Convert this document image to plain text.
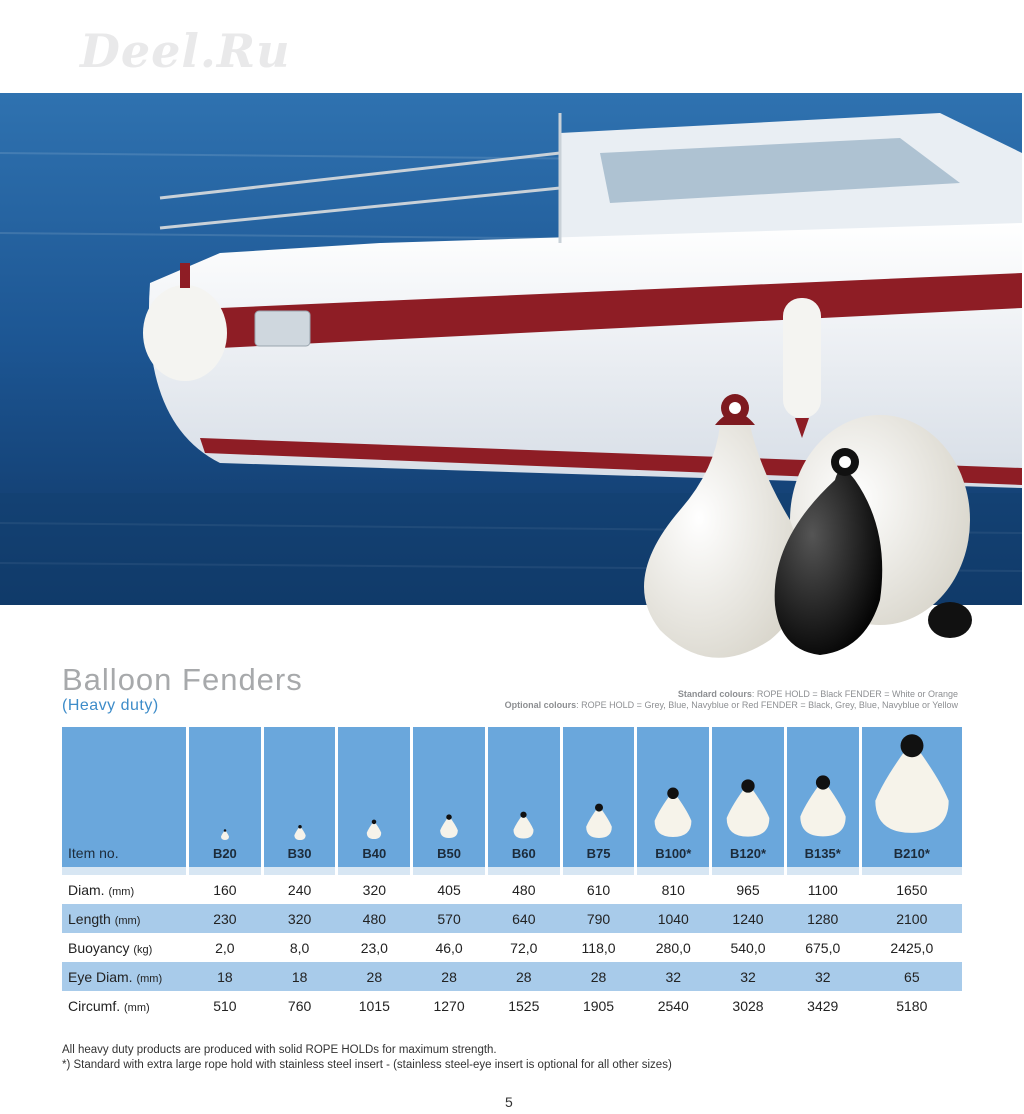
Deel.Ru
Balloon Fenders
(Heavy duty)
Standard colours: ROPE HOLD = Black FENDER = White or Orange
Optional colours: ROPE HOLD = Grey, Blue, Navyblue or Red FENDER = Black, Grey, Blue, Navyblue or Yellow
Item no.	B20	B30	B40	B50	B60	B75	B100*	B120*	B135*	B210*
Diam. (mm)	160	240	320	405	480	610	810	965	1100	1650
Length (mm)	230	320	480	570	640	790	1040	1240	1280	2100
Buoyancy (kg)	2,0	8,0	23,0	46,0	72,0	118,0	280,0	540,0	675,0	2425,0
Eye Diam. (mm)	18	18	28	28	28	28	32	32	32	65
Circumf. (mm)	510	760	1015	1270	1525	1905	2540	3028	3429	5180
All heavy duty products are produced with solid ROPE HOLDs for maximum strength.
*) Standard with extra large rope hold with stainless steel insert - (stainless steel-eye insert is optional for all other sizes)
5
